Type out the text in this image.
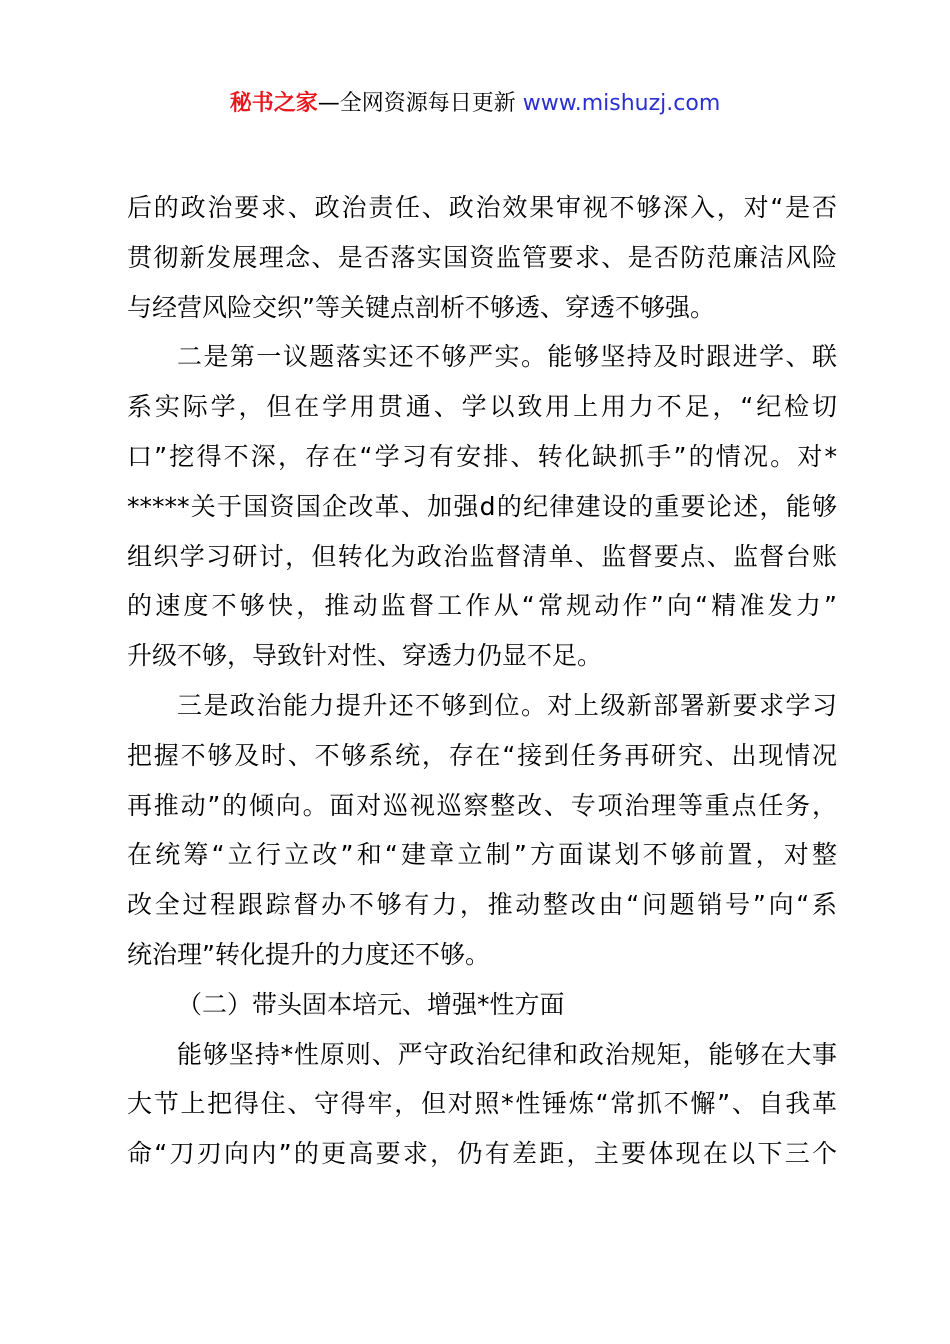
秘书之家—全网资源每日更新 www.mishuzj.com
后的政治要求、政治责任、政治效果审视不够深入，对“是否
贯彻新发展理念、是否落实国资监管要求、是否防范廉洁风险
与经营风险交织”等关键点剖析不够透、穿透不够强。
二是第一议题落实还不够严实。能够坚持及时跟进学、联
系实际学，但在学用贯通、学以致用上用力不足，“纪检切
口”挖得不深，存在“学习有安排、转化缺抓手”的情况。对*
*****关于国资国企改革、加强d的纪律建设的重要论述，能够
组织学习研讨，但转化为政治监督清单、监督要点、监督台账
的速度不够快，推动监督工作从“常规动作”向“精准发力”
升级不够，导致针对性、穿透力仍显不足。
三是政治能力提升还不够到位。对上级新部署新要求学习
把握不够及时、不够系统，存在“接到任务再研究、出现情况
再推动”的倾向。面对巡视巡察整改、专项治理等重点任务，
在统筹“立行立改”和“建章立制”方面谋划不够前置，对整
改全过程跟踪督办不够有力，推动整改由“问题销号”向“系
统治理”转化提升的力度还不够。
（二）带头固本培元、增强*性方面
能够坚持*性原则、严守政治纪律和政治规矩，能够在大事
大节上把得住、守得牢，但对照*性锤炼“常抓不懈”、自我革
命“刀刃向内”的更高要求，仍有差距，主要体现在以下三个
